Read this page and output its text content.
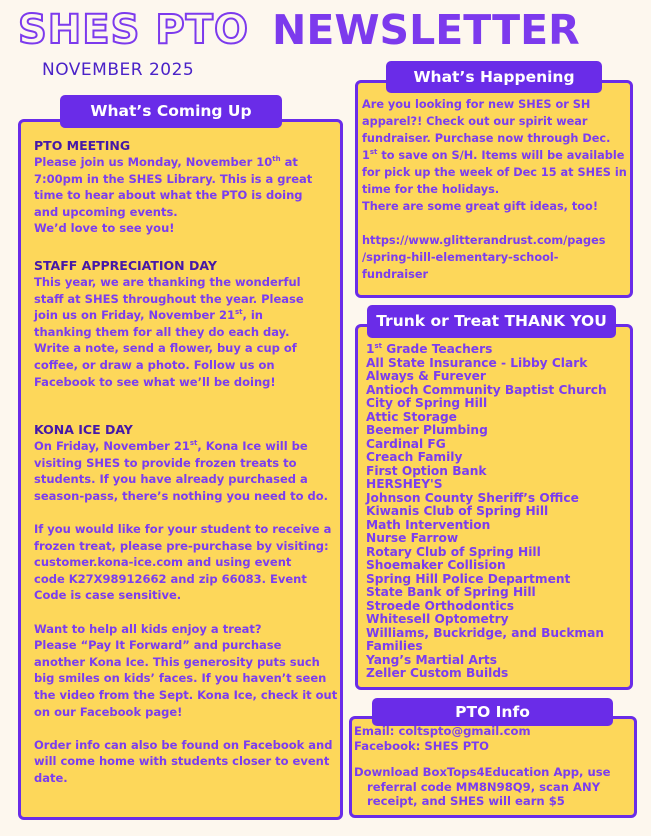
SHES PTO NEWSLETTER
NOVEMBER 2025
What’s Coming Up
PTO MEETING
Please join us Monday, November 10th at
7:00pm in the SHES Library. This is a great
time to hear about what the PTO is doing
and upcoming events.
We’d love to see you!
STAFF APPRECIATION DAY
This year, we are thanking the wonderful
staff at SHES throughout the year. Please
join us on Friday, November 21st, in
thanking them for all they do each day.
Write a note, send a flower, buy a cup of
coffee, or draw a photo. Follow us on
Facebook to see what we’ll be doing!
KONA ICE DAY
On Friday, November 21st, Kona Ice will be
visiting SHES to provide frozen treats to
students. If you have already purchased a
season-pass, there’s nothing you need to do.
If you would like for your student to receive a
frozen treat, please pre-purchase by visiting:
customer.kona-ice.com and using event
code K27X98912662 and zip 66083. Event
Code is case sensitive.
Want to help all kids enjoy a treat?
Please “Pay It Forward” and purchase
another Kona Ice. This generosity puts such
big smiles on kids’ faces. If you haven’t seen
the video from the Sept. Kona Ice, check it out
on our Facebook page!
Order info can also be found on Facebook and
will come home with students closer to event
date.
What’s Happening
Are you looking for new SHES or SH
apparel?! Check out our spirit wear
fundraiser. Purchase now through Dec.
1st to save on S/H. Items will be available
for pick up the week of Dec 15 at SHES in
time for the holidays.
There are some great gift ideas, too!
https://www.glitterandrust.com/pages
/spring-hill-elementary-school-
fundraiser
Trunk or Treat THANK YOU
1st Grade Teachers
All State Insurance - Libby Clark
Always & Furever
Antioch Community Baptist Church
City of Spring Hill
Attic Storage
Beemer Plumbing
Cardinal FG
Creach Family
First Option Bank
HERSHEY'S
Johnson County Sheriff’s Office
Kiwanis Club of Spring Hill
Math Intervention
Nurse Farrow
Rotary Club of Spring Hill
Shoemaker Collision
Spring Hill Police Department
State Bank of Spring Hill
Stroede Orthodontics
Whitesell Optometry
Williams, Buckridge, and Buckman
Families
Yang’s Martial Arts
Zeller Custom Builds
PTO Info
Email: coltspto@gmail.com
Facebook: SHES PTO
Download BoxTops4Education App, use
referral code MM8N98Q9, scan ANY
receipt, and SHES will earn $5
